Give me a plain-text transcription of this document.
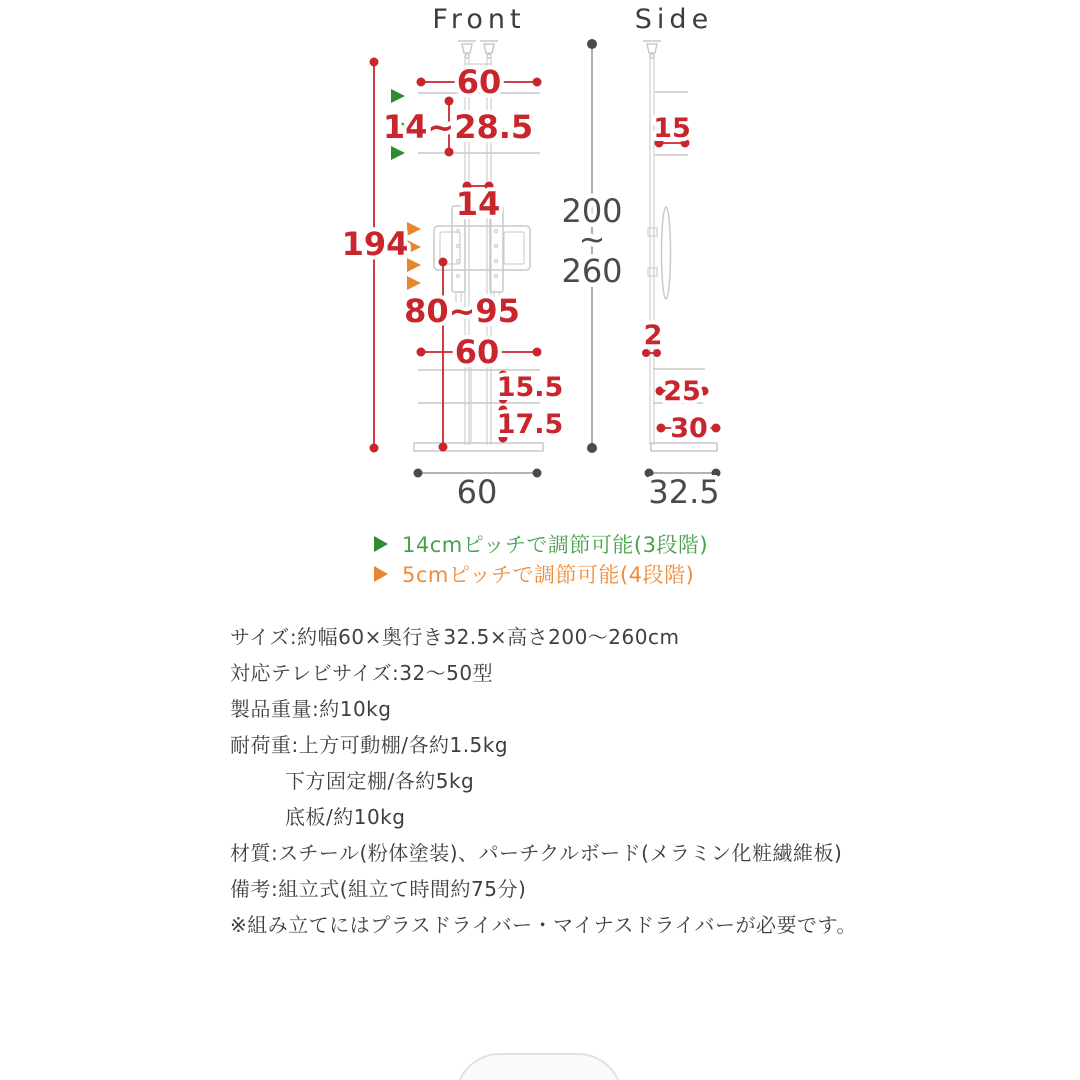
Front	Side
60
14~28.5
14
194
80~95
60
15.5
17.5
60
200
~
260
15
2
25
30
32.5
14cmピッチで調節可能(3段階)
5cmピッチで調節可能(4段階)
サイズ:約幅60×奥行き32.5×高さ200〜260cm
対応テレビサイズ:32〜50型
製品重量:約10kg
耐荷重:上方可動棚/各約1.5kg
下方固定棚/各約5kg
底板/約10kg
材質:スチール(粉体塗装)、パーチクルボード(メラミン化粧繊維板)
備考:組立式(組立て時間約75分)
※組み立てにはプラスドライバー・マイナスドライバーが必要です。
